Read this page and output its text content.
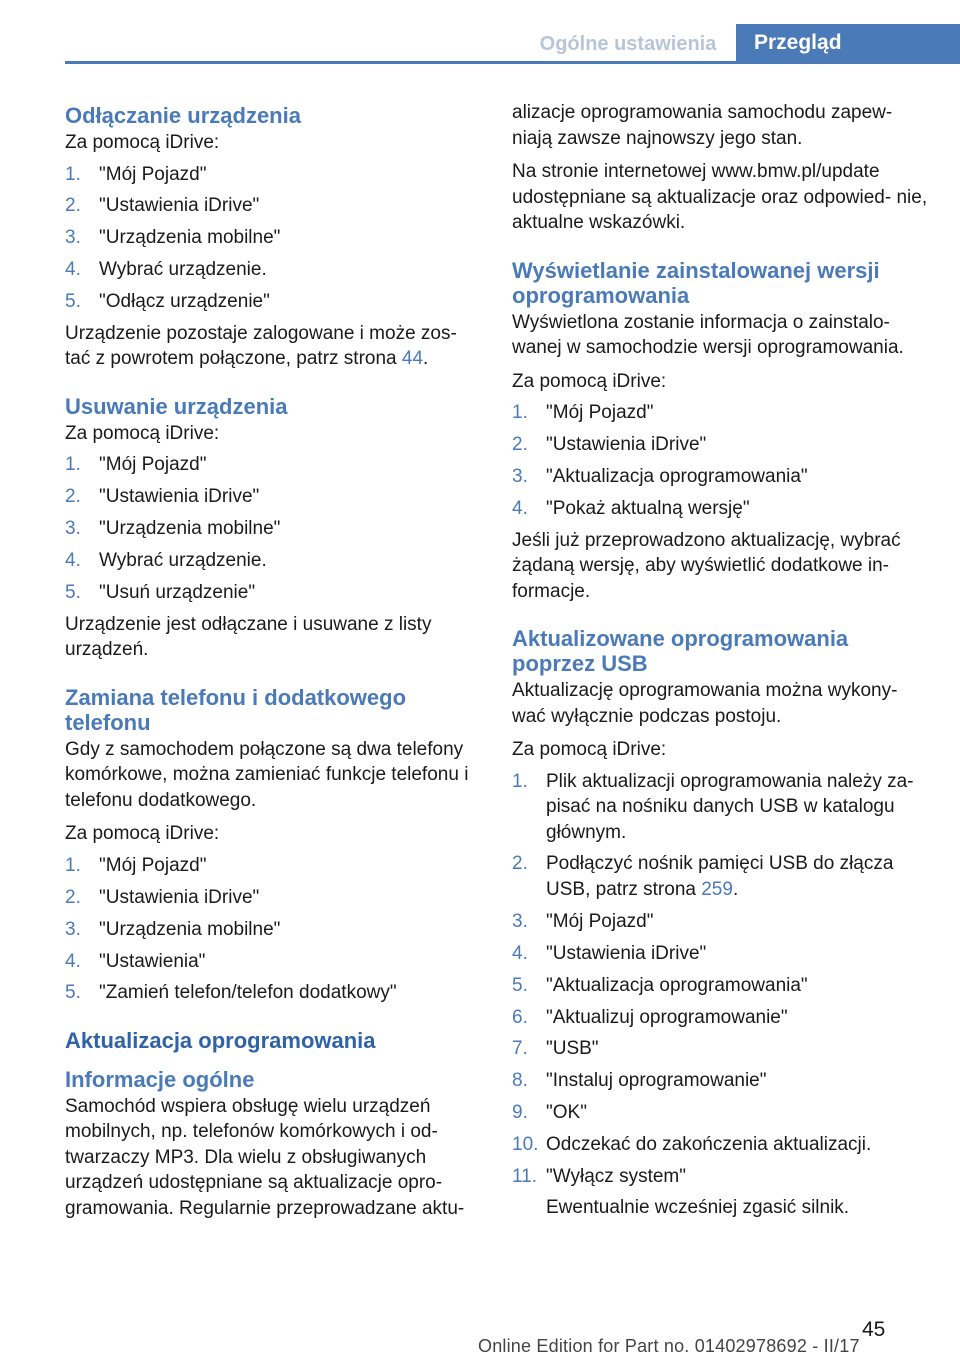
Ogólne ustawienia	Przegląd
Odłączanie urządzenia

Za pomocą iDrive:

1. "Mój Pojazd"
2. "Ustawienia iDrive"
3. "Urządzenia mobilne"
4. Wybrać urządzenie.
5. "Odłącz urządzenie"

Urządzenie pozostaje zalogowane i może zos‐ tać z powrotem połączone, patrz strona 44.

Usuwanie urządzenia

Za pomocą iDrive:

1. "Mój Pojazd"
2. "Ustawienia iDrive"
3. "Urządzenia mobilne"
4. Wybrać urządzenie.
5. "Usuń urządzenie"

Urządzenie jest odłączane i usuwane z listy urządzeń.

Zamiana telefonu i dodatkowego telefonu

Gdy z samochodem połączone są dwa telefony komórkowe, można zamieniać funkcje telefonu i telefonu dodatkowego.

Za pomocą iDrive:

1. "Mój Pojazd"
2. "Ustawienia iDrive"
3. "Urządzenia mobilne"
4. "Ustawienia"
5. "Zamień telefon/telefon dodatkowy"
Aktualizacja oprogramowania
Informacje ogólne

Samochód wspiera obsługę wielu urządzeń mobilnych, np. telefonów komórkowych i od‐ twarzaczy MP3. Dla wielu z obsługiwanych urządzeń udostępniane są aktualizacje opro‐ gramowania. Regularnie przeprowadzane aktu‐

alizacje oprogramowania samochodu zapew‐ niają zawsze najnowszy jego stan.

Na stronie internetowej www.bmw.pl/update udostępniane są aktualizacje oraz odpowied‐ nie, aktualne wskazówki.

Wyświetlanie zainstalowanej wersji oprogramowania

Wyświetlona zostanie informacja o zainstalo‐ wanej w samochodzie wersji oprogramowania.

Za pomocą iDrive:

1. "Mój Pojazd"
2. "Ustawienia iDrive"
3. "Aktualizacja oprogramowania"
4. "Pokaż aktualną wersję"

Jeśli już przeprowadzono aktualizację, wybrać żądaną wersję, aby wyświetlić dodatkowe in‐ formacje.

Aktualizowane oprogramowania poprzez USB

Aktualizację oprogramowania można wykony‐ wać wyłącznie podczas postoju.

Za pomocą iDrive:

1. Plik aktualizacji oprogramowania należy za‐ pisać na nośniku danych USB w katalogu głównym.
2. Podłączyć nośnik pamięci USB do złącza USB, patrz strona 259.
3. "Mój Pojazd"
4. "Ustawienia iDrive"
5. "Aktualizacja oprogramowania"
6. "Aktualizuj oprogramowanie"
7. "USB"
8. "Instaluj oprogramowanie"
9. "OK"
10. Odczekać do zakończenia aktualizacji.
11. "Wyłącz system"
Ewentualnie wcześniej zgasić silnik.
45
Online Edition for Part no. 01402978692 - II/17
